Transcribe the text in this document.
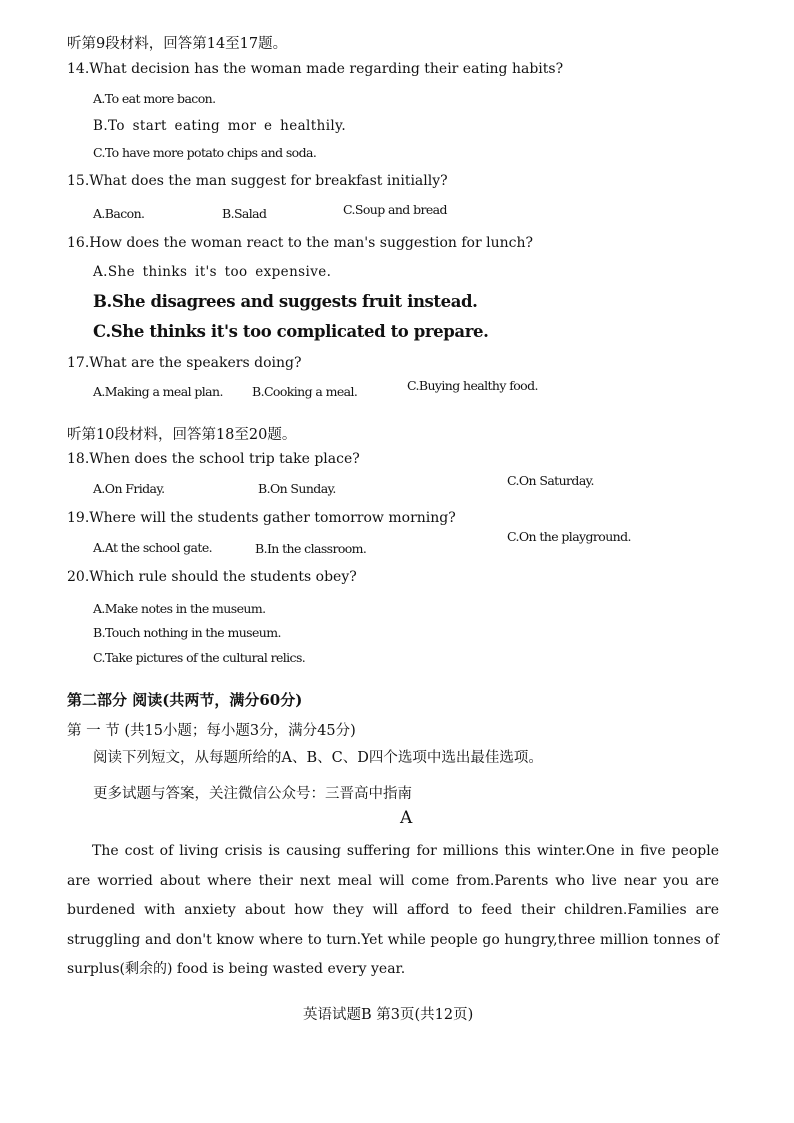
听第9段材料，回答第14至17题。
14.What decision has the woman made regarding their eating habits?
A.To eat more bacon.
B.To start eating mor e healthily.
C.To have more potato chips and soda.
15.What does the man suggest for breakfast initially?
A.Bacon.	B.Salad	C.Soup and bread
16.How does the woman react to the man's suggestion for lunch?
A.She thinks it's too expensive.
B.She disagrees and suggests fruit instead.
C.She thinks it's too complicated to prepare.
17.What are the speakers doing?
A.Making a meal plan. B.Cooking a meal.	C.Buying healthy food.
听第10段材料，回答第18至20题。
18.When does the school trip take place?
A.On Friday.	B.On Sunday.
C.On Saturday.
19.Where will the students gather tomorrow morning?
A.At the school gate.	B.In the classroom.
C.On the playground.
20.Which rule should the students obey?
A.Make notes in the museum.
B.Touch nothing in the museum.
C.Take pictures of the cultural relics.
第二部分 阅读(共两节，满分60分)
第 一 节 (共15小题；每小题3分，满分45分)
阅读下列短文，从每题所给的A、B、C、D四个选项中选出最佳选项。
更多试题与答案，关注微信公众号：三晋高中指南
A
The cost of living crisis is causing suffering for millions this winter.One in five people are worried about where their next meal will come from.Parents who live near you are burdened with anxiety about how they will afford to feed their children.Families are struggling and don't know where to turn.Yet while people go hungry,three million tonnes of surplus(剩余的) food is being wasted every year.
英语试题B 第3页(共12页)
